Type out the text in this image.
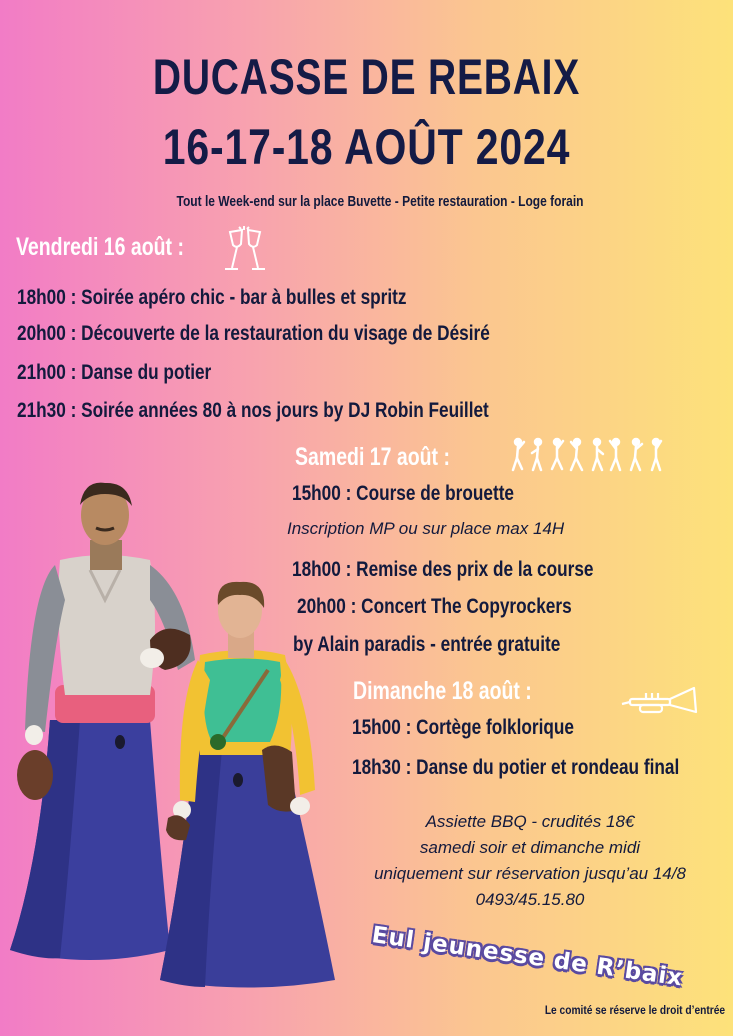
DUCASSE DE REBAIX
16-17-18 AOÛT 2024
Tout le Week-end sur la place Buvette - Petite restauration - Loge forain
Vendredi 16 août :
18h00 : Soirée apéro chic - bar à bulles et spritz
20h00 : Découverte de la restauration du visage de Désiré
21h00 : Danse du potier
21h30 : Soirée années 80 à nos jours by DJ Robin Feuillet
Samedi 17 août :
15h00 : Course de brouette
Inscription MP ou sur place max 14H
18h00 : Remise des prix de la course
20h00 : Concert The Copyrockers
by Alain paradis - entrée gratuite
Dimanche 18 août :
15h00 : Cortège folklorique
18h30 : Danse du potier et rondeau final
Assiette BBQ - crudités 18€
samedi soir et dimanche midi
uniquement sur réservation jusqu’au 14/8
0493/45.15.80
Eul jeunesse de R’baix
Le comité se réserve le droit d’entrée
